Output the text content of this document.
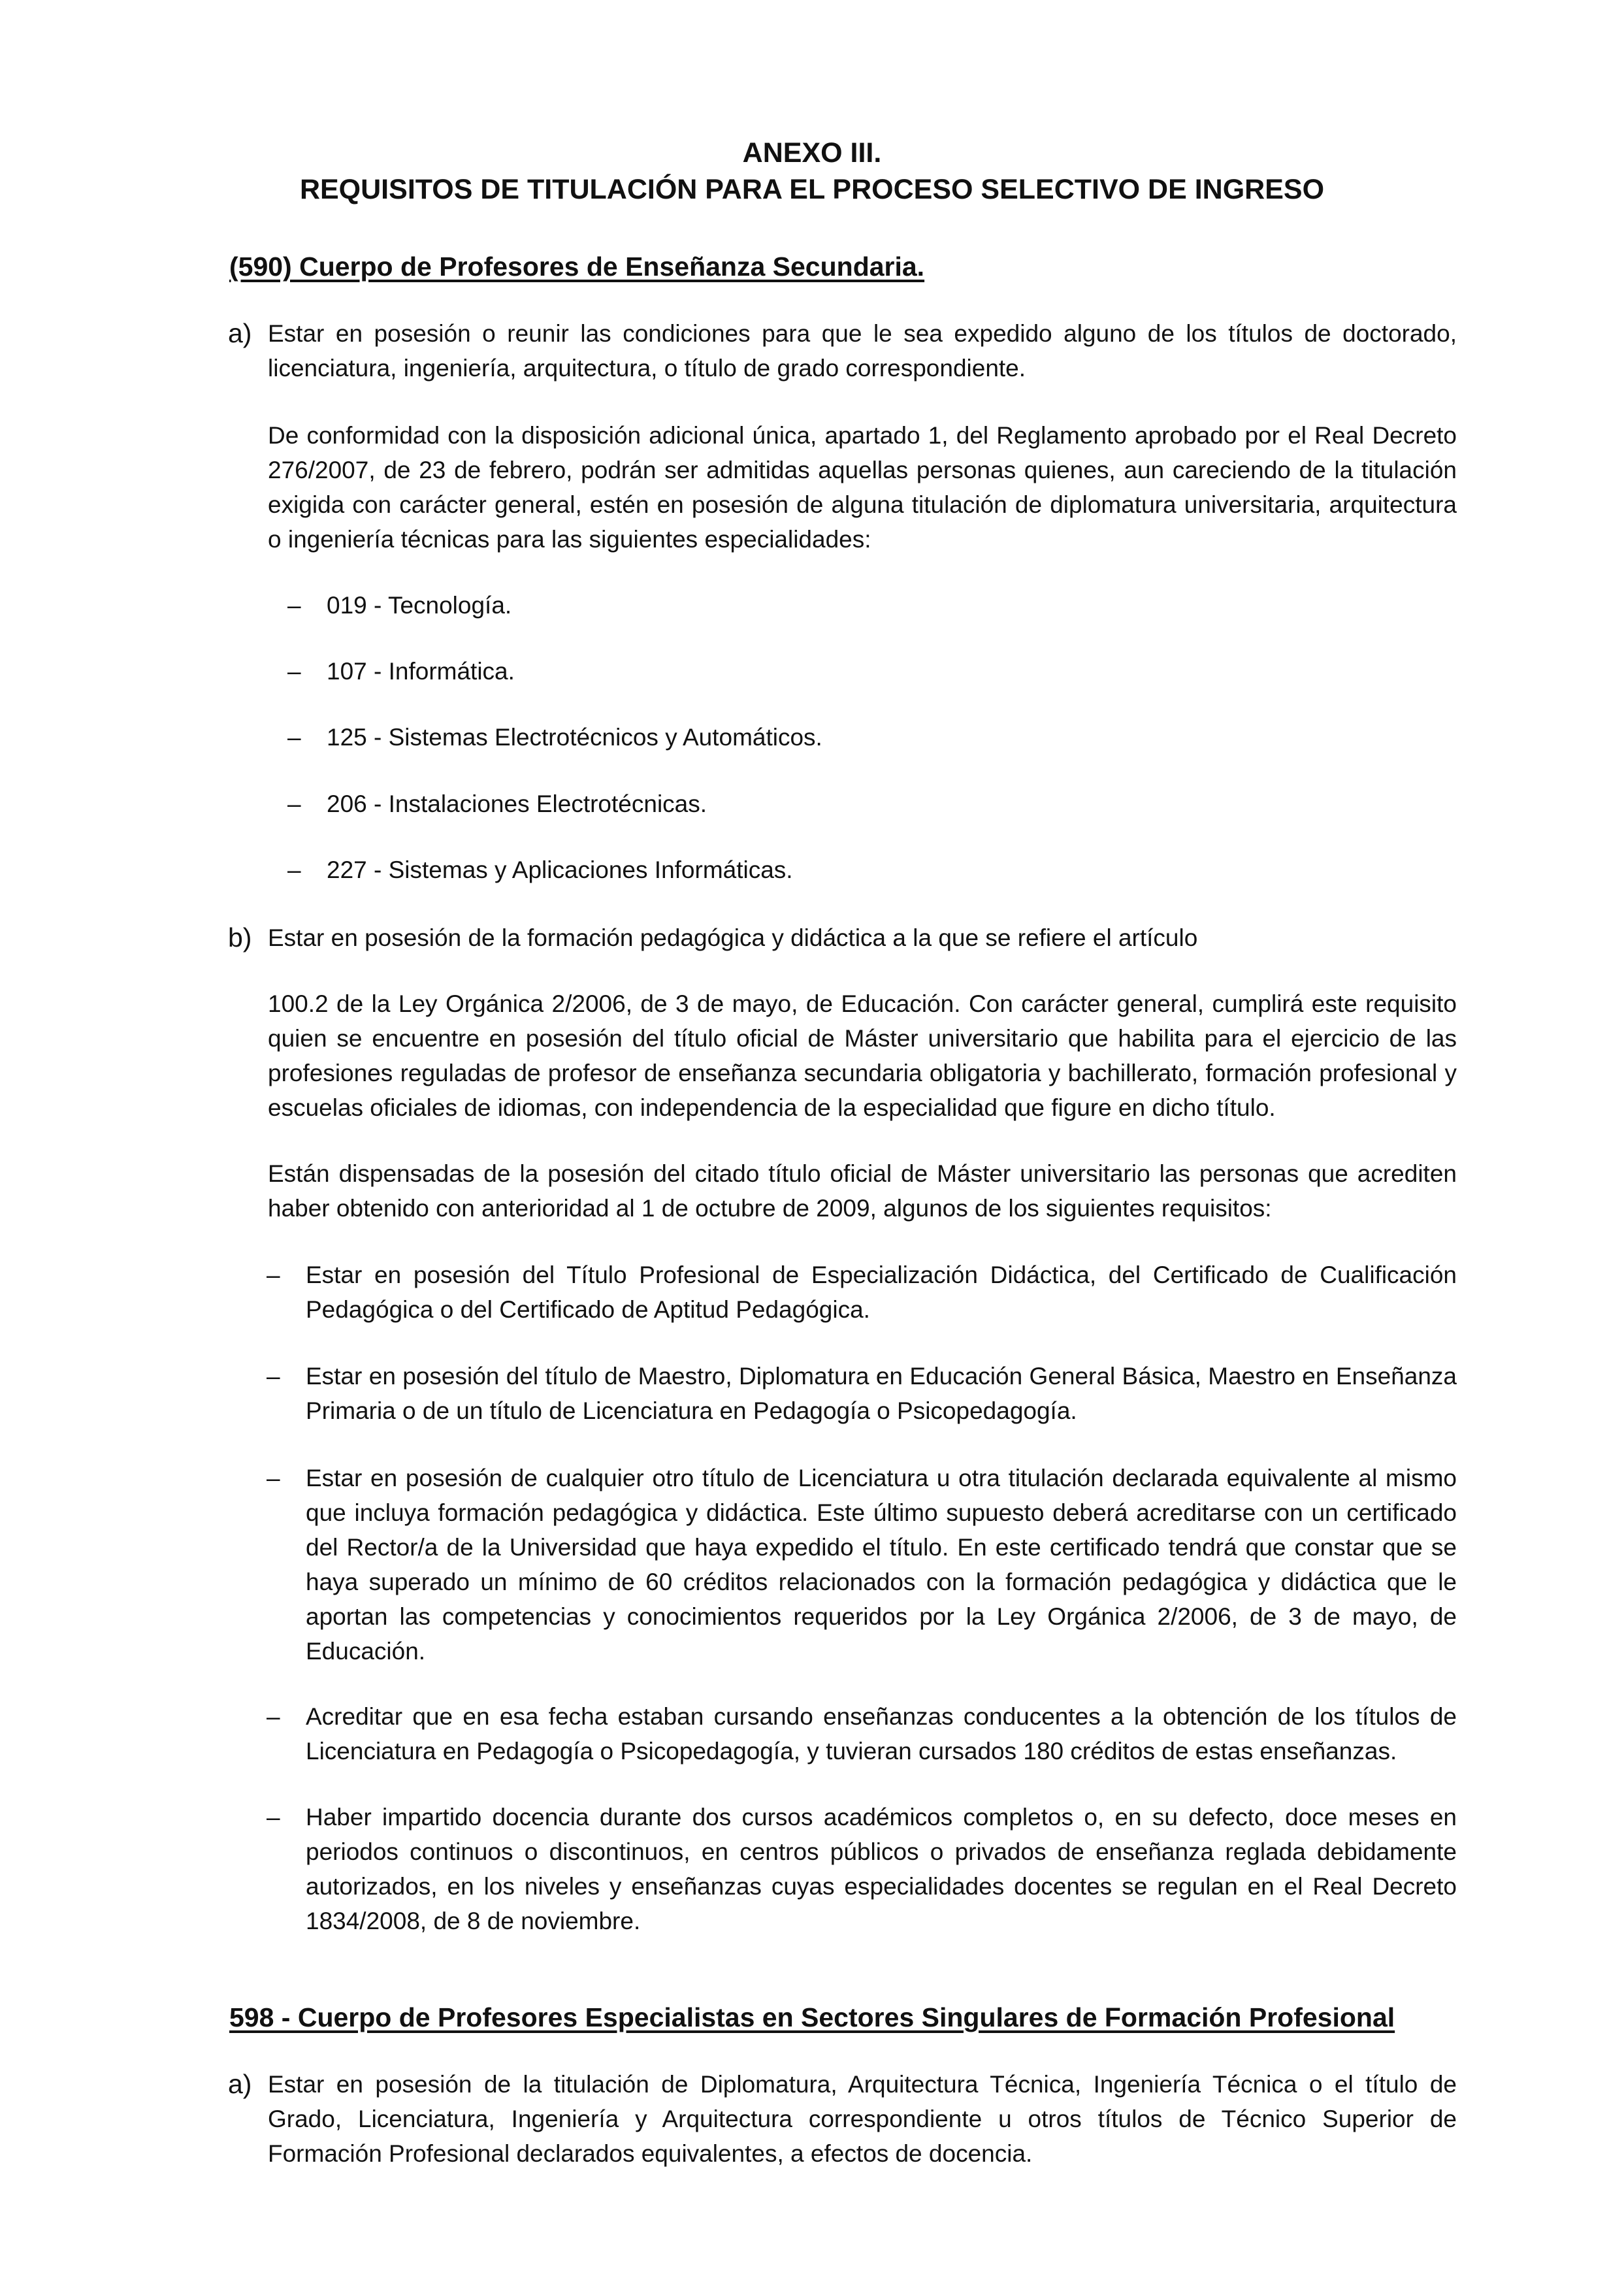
ANEXO III.
REQUISITOS DE TITULACIÓN PARA EL PROCESO SELECTIVO DE INGRESO
(590) Cuerpo de Profesores de Enseñanza Secundaria.
a) Estar en posesión o reunir las condiciones para que le sea expedido alguno de los títulos de doctorado, licenciatura, ingeniería, arquitectura, o título de grado correspondiente.
De conformidad con la disposición adicional única, apartado 1, del Reglamento aprobado por el Real Decreto 276/2007, de 23 de febrero, podrán ser admitidas aquellas personas quienes, aun careciendo de la titulación exigida con carácter general, estén en posesión de alguna titulación de diplomatura universitaria, arquitectura o ingeniería técnicas para las siguientes especialidades:
– 019 - Tecnología.
– 107 - Informática.
– 125 - Sistemas Electrotécnicos y Automáticos.
– 206 - Instalaciones Electrotécnicas.
– 227 - Sistemas y Aplicaciones Informáticas.
b) Estar en posesión de la formación pedagógica y didáctica a la que se refiere el artículo
100.2 de la Ley Orgánica 2/2006, de 3 de mayo, de Educación. Con carácter general, cumplirá este requisito quien se encuentre en posesión del título oficial de Máster universitario que habilita para el ejercicio de las profesiones reguladas de profesor de enseñanza secundaria obligatoria y bachillerato, formación profesional y escuelas oficiales de idiomas, con independencia de la especialidad que figure en dicho título.
Están dispensadas de la posesión del citado título oficial de Máster universitario las personas que acrediten haber obtenido con anterioridad al 1 de octubre de 2009, algunos de los siguientes requisitos:
– Estar en posesión del Título Profesional de Especialización Didáctica, del Certificado de Cualificación Pedagógica o del Certificado de Aptitud Pedagógica.
– Estar en posesión del título de Maestro, Diplomatura en Educación General Básica, Maestro en Enseñanza Primaria o de un título de Licenciatura en Pedagogía o Psicopedagogía.
– Estar en posesión de cualquier otro título de Licenciatura u otra titulación declarada equivalente al mismo que incluya formación pedagógica y didáctica. Este último supuesto deberá acreditarse con un certificado del Rector/a de la Universidad que haya expedido el título. En este certificado tendrá que constar que se haya superado un mínimo de 60 créditos relacionados con la formación pedagógica y didáctica que le aportan las competencias y conocimientos requeridos por la Ley Orgánica 2/2006, de 3 de mayo, de Educación.
– Acreditar que en esa fecha estaban cursando enseñanzas conducentes a la obtención de los títulos de Licenciatura en Pedagogía o Psicopedagogía, y tuvieran cursados 180 créditos de estas enseñanzas.
– Haber impartido docencia durante dos cursos académicos completos o, en su defecto, doce meses en periodos continuos o discontinuos, en centros públicos o privados de enseñanza reglada debidamente autorizados, en los niveles y enseñanzas cuyas especialidades docentes se regulan en el Real Decreto 1834/2008, de 8 de noviembre.
598 - Cuerpo de Profesores Especialistas en Sectores Singulares de Formación Profesional
a) Estar en posesión de la titulación de Diplomatura, Arquitectura Técnica, Ingeniería Técnica o el título de Grado, Licenciatura, Ingeniería y Arquitectura correspondiente u otros títulos de Técnico Superior de Formación Profesional declarados equivalentes, a efectos de docencia.
